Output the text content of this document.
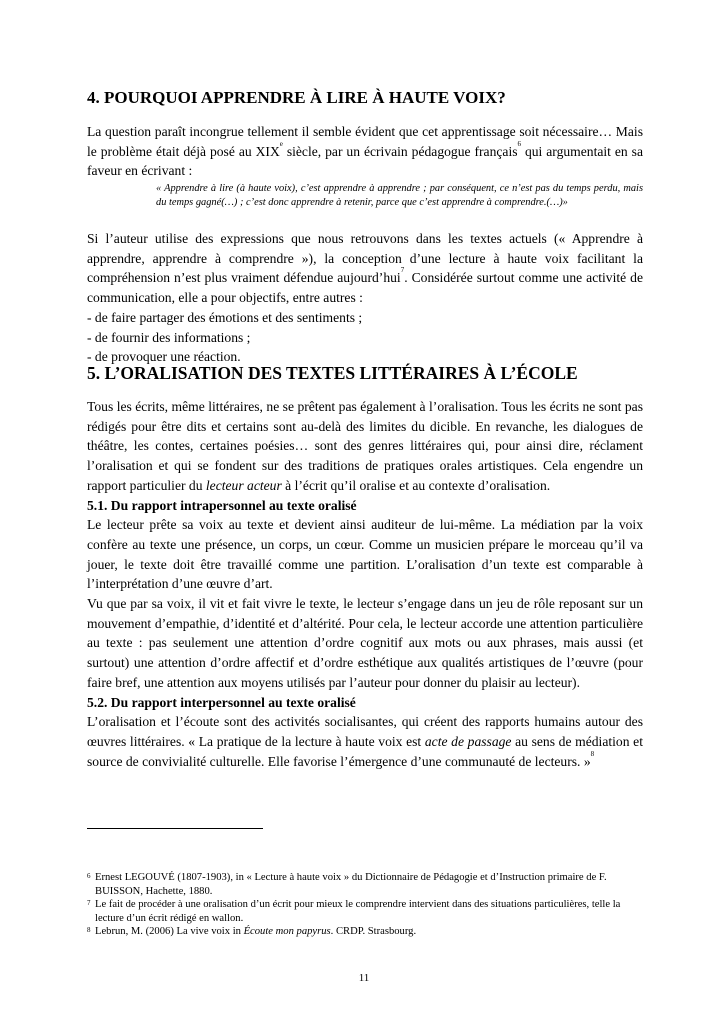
4. POURQUOI APPRENDRE À LIRE À HAUTE VOIX?

La question paraît incongrue tellement il semble évident que cet apprentissage soit nécessaire… Mais le problème était déjà posé au XIXe siècle, par un écrivain pédagogue français$^6$ qui argumentait en sa faveur en écrivant :

« Apprendre à lire (à haute voix), c’est apprendre à apprendre ; par conséquent, ce n’est pas du temps perdu, mais du temps gagné(…) ; c’est donc apprendre à retenir, parce que c’est apprendre à comprendre.(…)»

Si l’auteur utilise des expressions que nous retrouvons dans les textes actuels (« Apprendre à apprendre, apprendre à comprendre »), la conception d’une lecture à haute voix facilitant la compréhension n’est plus vraiment défendue aujourd’hui$^7$. Considérée surtout comme une activité de communication, elle a pour objectifs, entre autres :
- de faire partager des émotions et des sentiments ;
- de fournir des informations ;
- de provoquer une réaction.
5. L’ORALISATION DES TEXTES LITTÉRAIRES À L’ÉCOLE

Tous les écrits, même littéraires, ne se prêtent pas également à l’oralisation. Tous les écrits ne sont pas rédigés pour être dits et certains sont au-delà des limites du dicible. En revanche, les dialogues de théâtre, les contes, certaines poésies… sont des genres littéraires qui, pour ainsi dire, réclament l’oralisation et qui se fondent sur des traditions de pratiques orales artistiques. Cela engendre un rapport particulier du lecteur acteur à l’écrit qu’il oralise et au contexte d’oralisation.

5.1. Du rapport intrapersonnel au texte oralisé
Le lecteur prête sa voix au texte et devient ainsi auditeur de lui-même. La médiation par la voix confère au texte une présence, un corps, un cœur. Comme un musicien prépare le morceau qu’il va jouer, le texte doit être travaillé comme une partition. L’oralisation d’un texte est comparable à l’interprétation d’une œuvre d’art.

Vu que par sa voix, il vit et fait vivre le texte, le lecteur s’engage dans un jeu de rôle reposant sur un mouvement d’empathie, d’identité et d’altérité. Pour cela, le lecteur accorde une attention particulière au texte : pas seulement une attention d’ordre cognitif aux mots ou aux phrases, mais aussi (et surtout) une attention d’ordre affectif et d’ordre esthétique aux qualités artistiques de l’œuvre (pour faire bref, une attention aux moyens utilisés par l’auteur pour donner du plaisir au lecteur).

5.2. Du rapport interpersonnel au texte oralisé
L’oralisation et l’écoute sont des activités socialisantes, qui créent des rapports humains autour des œuvres littéraires. « La pratique de la lecture à haute voix est acte de passage au sens de médiation et source de convivialité culturelle. Elle favorise l’émergence d’une communauté de lecteurs. »$^8$

6 Ernest LEGOUVÉ (1807-1903), in « Lecture à haute voix » du Dictionnaire de Pédagogie et d’Instruction primaire de F. BUISSON, Hachette, 1880.

7 Le fait de procéder à une oralisation d’un écrit pour mieux le comprendre intervient dans des situations particulières, telle la lecture d’un écrit rédigé en wallon.

8 Lebrun, M. (2006) La vive voix in Écoute mon papyrus. CRDP. Strasbourg.

11
